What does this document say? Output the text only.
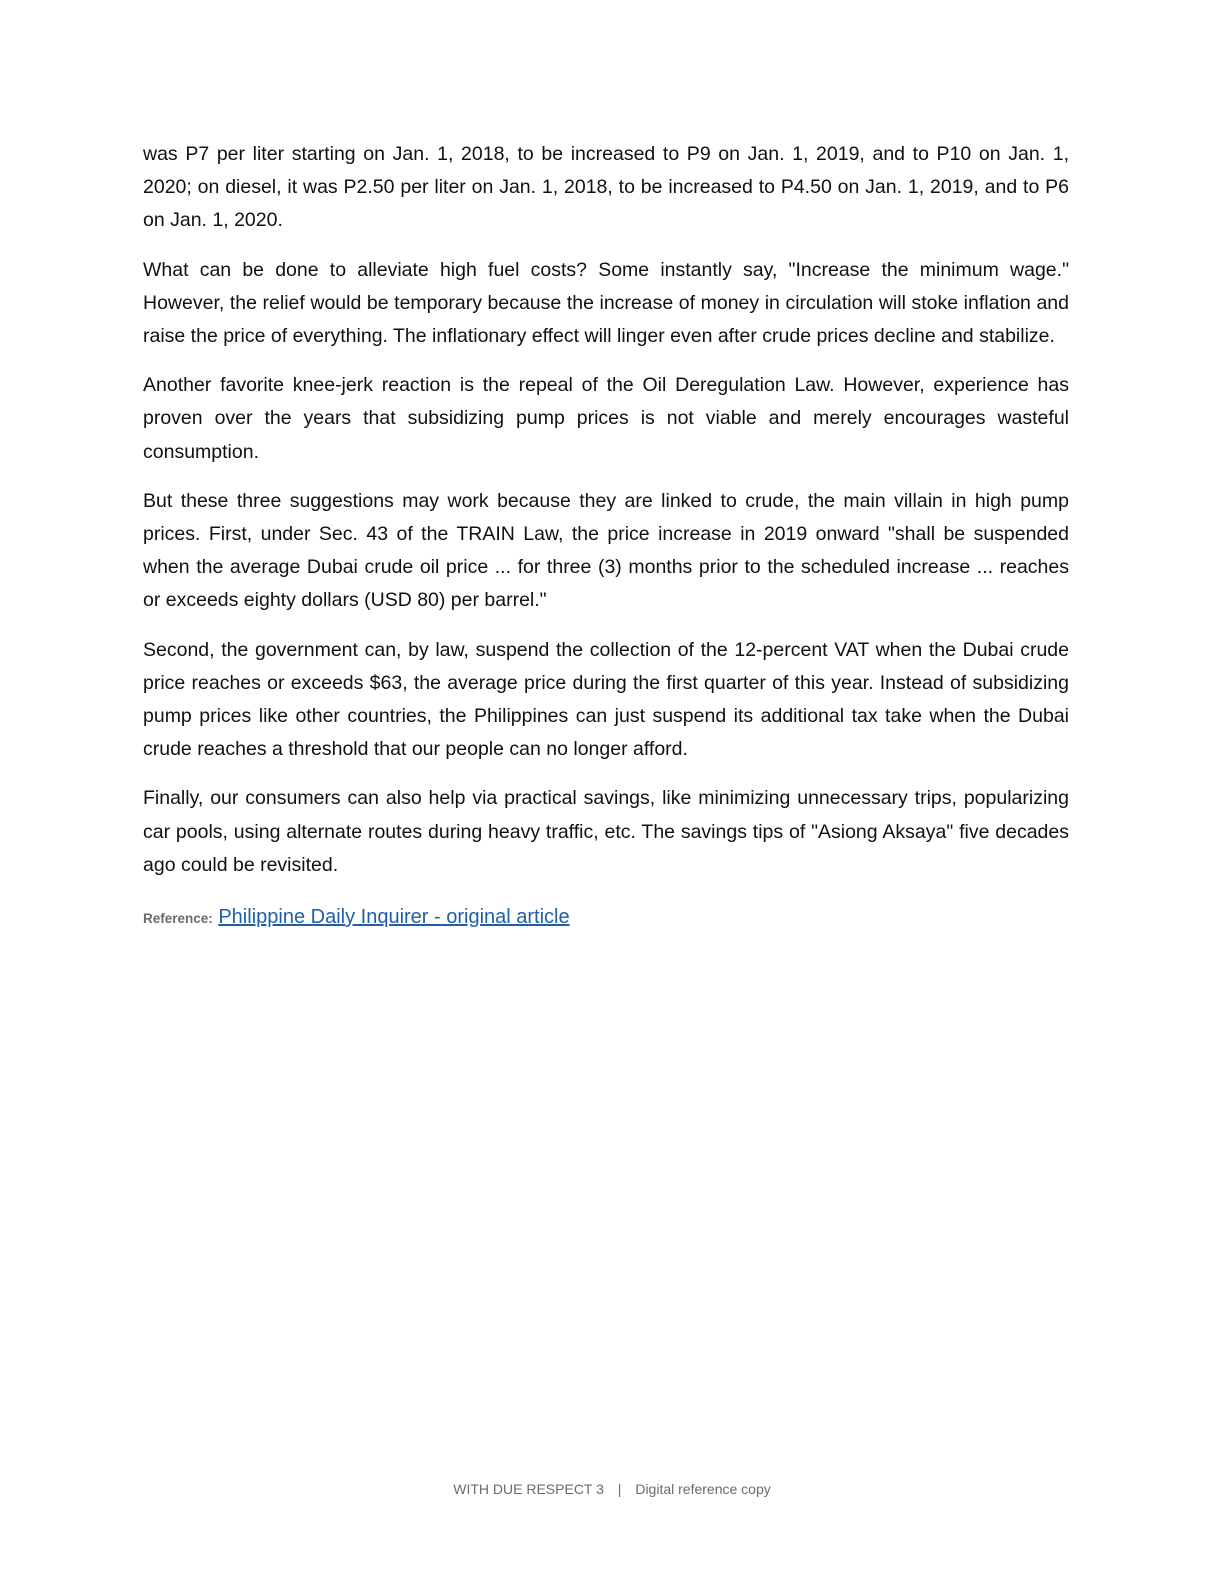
was P7 per liter starting on Jan. 1, 2018, to be increased to P9 on Jan. 1, 2019, and to P10 on Jan. 1, 2020; on diesel, it was P2.50 per liter on Jan. 1, 2018, to be increased to P4.50 on Jan. 1, 2019, and to P6 on Jan. 1, 2020.

What can be done to alleviate high fuel costs? Some instantly say, "Increase the minimum wage." However, the relief would be temporary because the increase of money in circulation will stoke inflation and raise the price of everything. The inflationary effect will linger even after crude prices decline and stabilize.

Another favorite knee-jerk reaction is the repeal of the Oil Deregulation Law. However, experience has proven over the years that subsidizing pump prices is not viable and merely encourages wasteful consumption.

But these three suggestions may work because they are linked to crude, the main villain in high pump prices. First, under Sec. 43 of the TRAIN Law, the price increase in 2019 onward "shall be suspended when the average Dubai crude oil price ... for three (3) months prior to the scheduled increase ... reaches or exceeds eighty dollars (USD 80) per barrel."

Second, the government can, by law, suspend the collection of the 12-percent VAT when the Dubai crude price reaches or exceeds $63, the average price during the first quarter of this year. Instead of subsidizing pump prices like other countries, the Philippines can just suspend its additional tax take when the Dubai crude reaches a threshold that our people can no longer afford.

Finally, our consumers can also help via practical savings, like minimizing unnecessary trips, popularizing car pools, using alternate routes during heavy traffic, etc. The savings tips of "Asiong Aksaya" five decades ago could be revisited.

Reference: Philippine Daily Inquirer - original article
WITH DUE RESPECT 3 | Digital reference copy
